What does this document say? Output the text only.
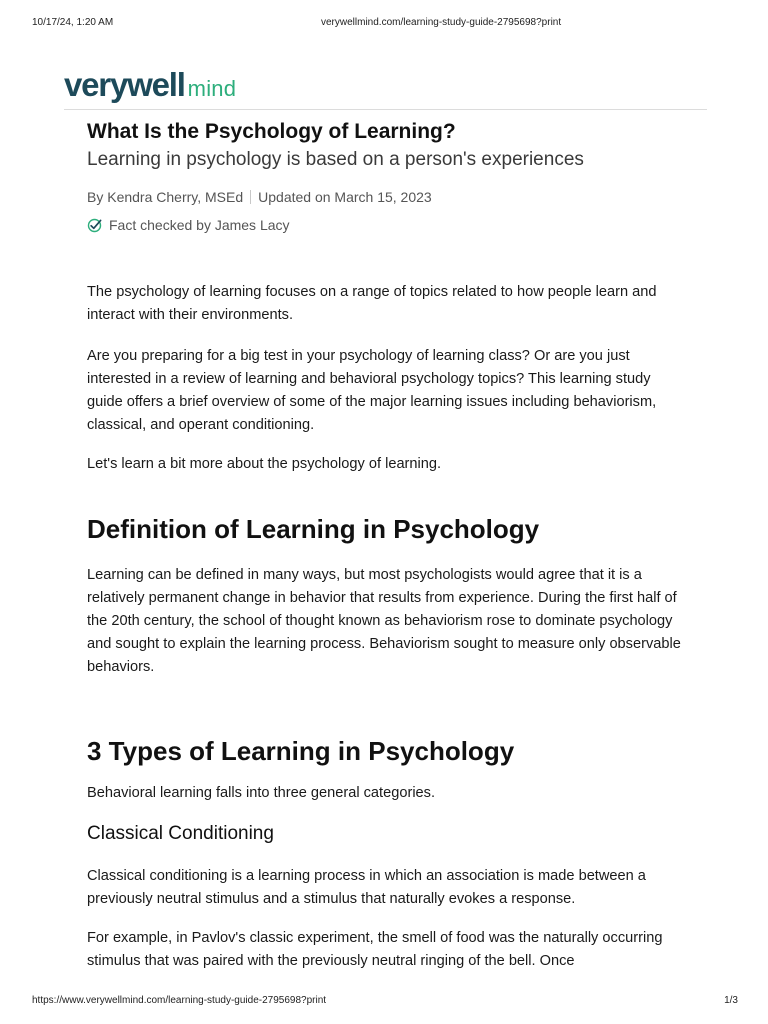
10/17/24, 1:20 AM	verywellmind.com/learning-study-guide-2795698?print
verywell mind
What Is the Psychology of Learning?
Learning in psychology is based on a person's experiences
By Kendra Cherry, MSEd Updated on March 15, 2023
Fact checked by James Lacy

The psychology of learning focuses on a range of topics related to how people learn and interact with their environments.

Are you preparing for a big test in your psychology of learning class? Or are you just interested in a review of learning and behavioral psychology topics? This learning study guide offers a brief overview of some of the major learning issues including behaviorism, classical, and operant conditioning.

Let's learn a bit more about the psychology of learning.

Definition of Learning in Psychology

Learning can be defined in many ways, but most psychologists would agree that it is a relatively permanent change in behavior that results from experience. During the first half of the 20th century, the school of thought known as behaviorism rose to dominate psychology and sought to explain the learning process. Behaviorism sought to measure only observable behaviors.

3 Types of Learning in Psychology

Behavioral learning falls into three general categories.

Classical Conditioning

Classical conditioning is a learning process in which an association is made between a previously neutral stimulus and a stimulus that naturally evokes a response.

For example, in Pavlov's classic experiment, the smell of food was the naturally occurring stimulus that was paired with the previously neutral ringing of the bell. Once

https://www.verywellmind.com/learning-study-guide-2795698?print	1/3
